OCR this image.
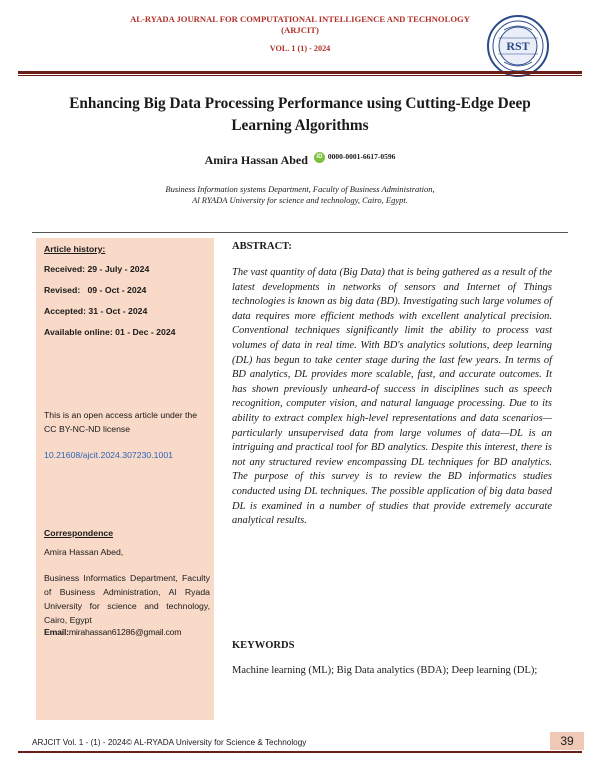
AL-RYADA JOURNAL FOR COMPUTATIONAL INTELLIGENCE AND TECHNOLOGY
(ARJCIT)
VOL. 1 (1) - 2024	RST
Enhancing Big Data Processing Performance using Cutting-Edge Deep Learning Algorithms
Amira Hassan Abed	iD 0000-0001-6617-0596
Business Information systems Department, Faculty of Business Administration,
Al RYADA University for science and technology, Cairo, Egypt.
Article history:
Received: 29 - July - 2024
Revised:   09 - Oct - 2024
Accepted: 31 - Oct - 2024
Available online: 01 - Dec - 2024
This is an open access article under the CC BY-NC-ND license
10.21608/ajcit.2024.307230.1001
Correspondence
Amira Hassan Abed,
Business Informatics Department, Faculty of Business Administration, Al Ryada University for science and technology, Cairo, Egypt
Email:mirahassan61286@gmail.com
ABSTRACT:
The vast quantity of data (Big Data) that is being gathered as a result of the latest developments in networks of sensors and Internet of Things technologies is known as big data (BD). Investigating such large volumes of data requires more efficient methods with excellent analytical precision. Conventional techniques significantly limit the ability to process vast volumes of data in real time. With BD's analytics solutions, deep learning (DL) has begun to take center stage during the last few years. In terms of BD analytics, DL provides more scalable, fast, and accurate outcomes. It has shown previously unheard-of success in disciplines such as speech recognition, computer vision, and natural language processing. Due to its ability to extract complex high-level representations and data scenarios—particularly unsupervised data from large volumes of data—DL is an intriguing and practical tool for BD analytics. Despite this interest, there is not any structured review encompassing DL techniques for BD analytics. The purpose of this survey is to review the BD informatics studies conducted using DL techniques. The possible application of big data based DL is examined in a number of studies that provide extremely accurate analytical results.
KEYWORDS
Machine learning (ML); Big Data analytics (BDA); Deep learning (DL);
ARJCIT Vol. 1 - (1) - 2024© AL-RYADA University for Science & Technology	39
